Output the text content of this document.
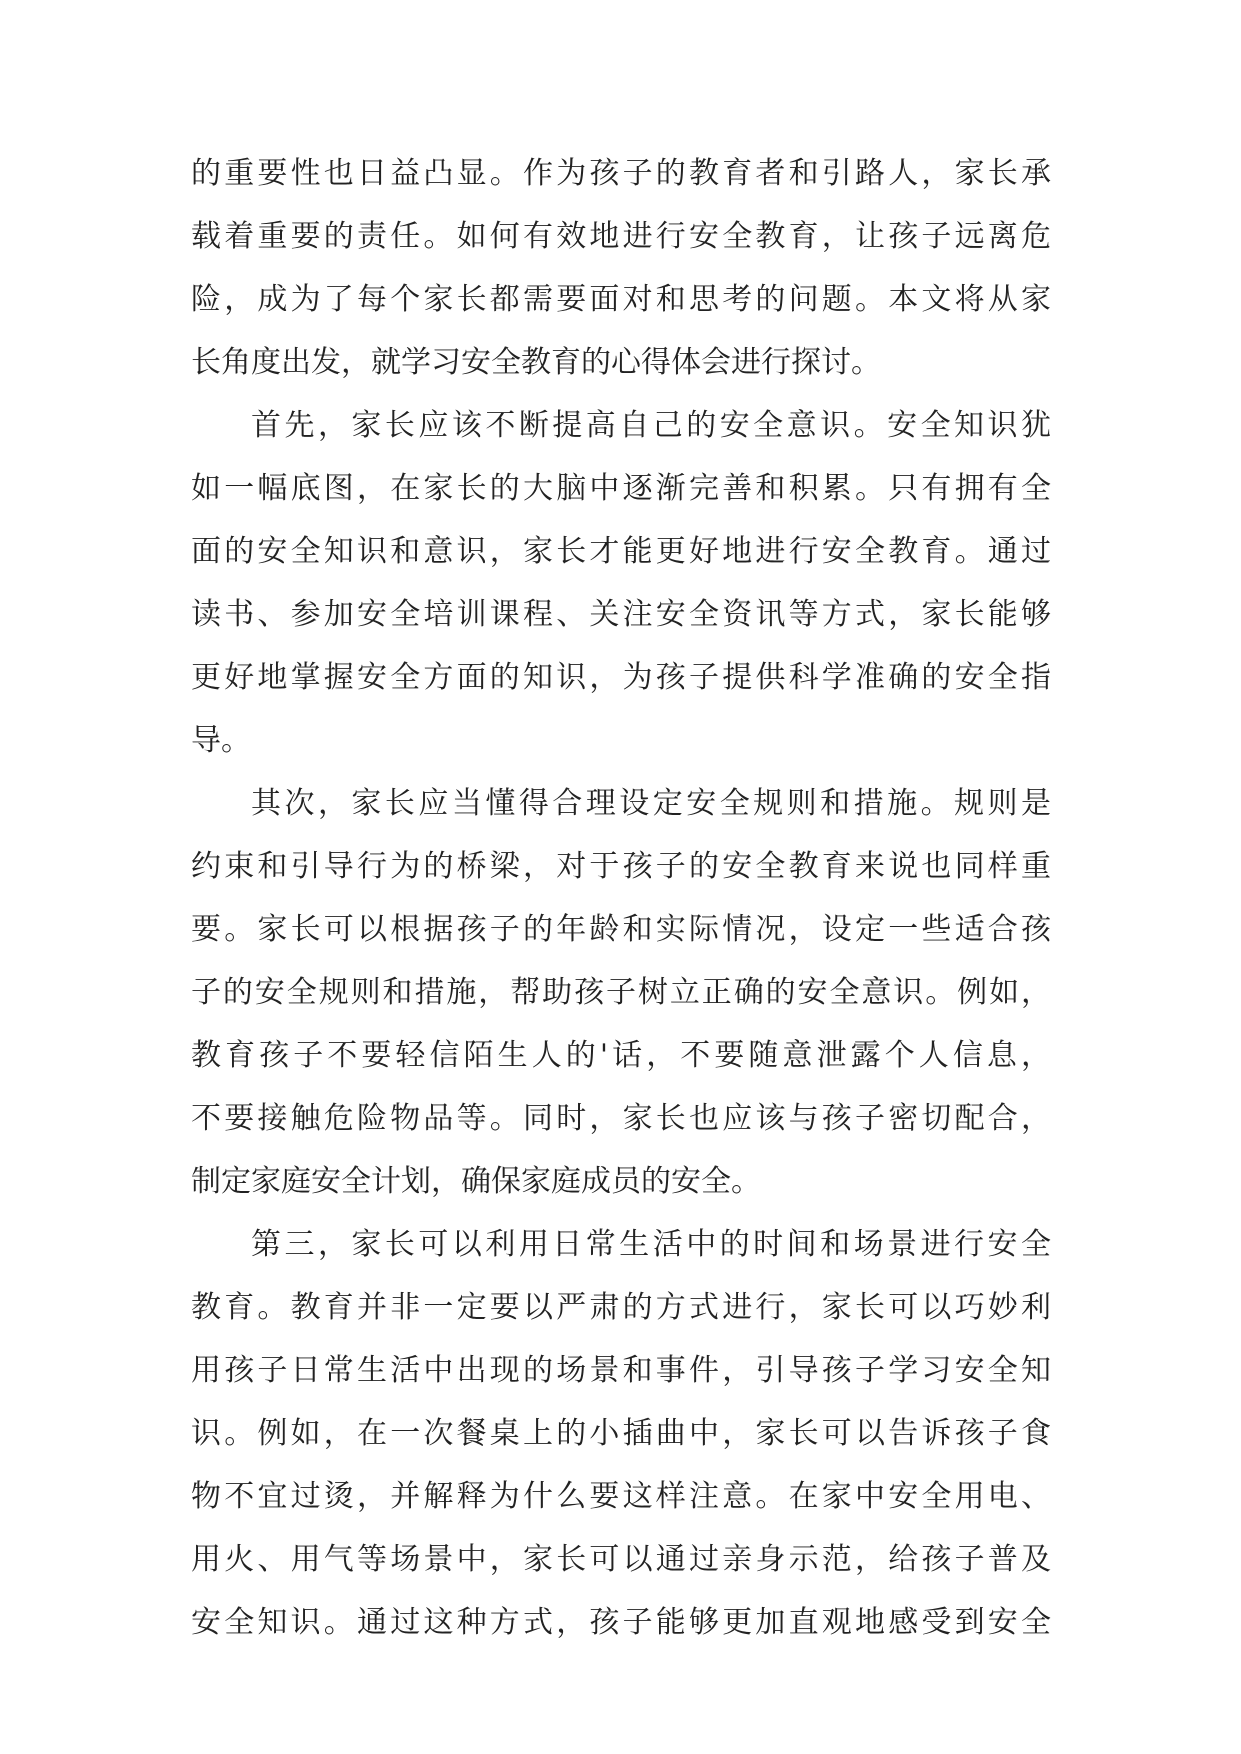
的重要性也日益凸显。作为孩子的教育者和引路人，家长承
载着重要的责任。如何有效地进行安全教育，让孩子远离危
险，成为了每个家长都需要面对和思考的问题。本文将从家
长角度出发，就学习安全教育的心得体会进行探讨。
首先，家长应该不断提高自己的安全意识。安全知识犹
如一幅底图，在家长的大脑中逐渐完善和积累。只有拥有全
面的安全知识和意识，家长才能更好地进行安全教育。通过
读书、参加安全培训课程、关注安全资讯等方式，家长能够
更好地掌握安全方面的知识，为孩子提供科学准确的安全指
导。
其次，家长应当懂得合理设定安全规则和措施。规则是
约束和引导行为的桥梁，对于孩子的安全教育来说也同样重
要。家长可以根据孩子的年龄和实际情况，设定一些适合孩
子的安全规则和措施，帮助孩子树立正确的安全意识。例如，
教育孩子不要轻信陌生人的'话，不要随意泄露个人信息，
不要接触危险物品等。同时，家长也应该与孩子密切配合，
制定家庭安全计划，确保家庭成员的安全。
第三，家长可以利用日常生活中的时间和场景进行安全
教育。教育并非一定要以严肃的方式进行，家长可以巧妙利
用孩子日常生活中出现的场景和事件，引导孩子学习安全知
识。例如，在一次餐桌上的小插曲中，家长可以告诉孩子食
物不宜过烫，并解释为什么要这样注意。在家中安全用电、
用火、用气等场景中，家长可以通过亲身示范，给孩子普及
安全知识。通过这种方式，孩子能够更加直观地感受到安全
